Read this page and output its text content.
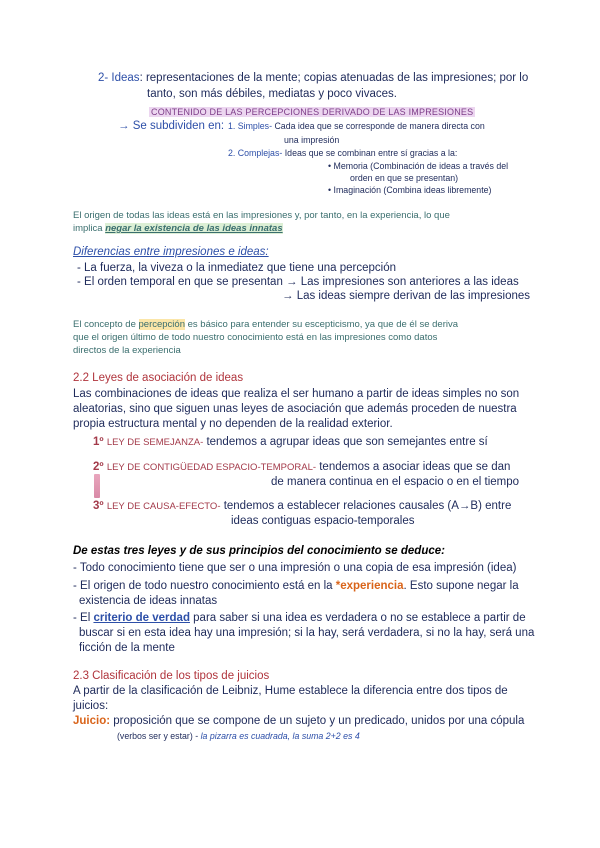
2- Ideas: representaciones de la mente; copias atenuadas de las impresiones; por lo
tanto, son más débiles, mediatas y poco vivaces.
CONTENIDO DE LAS PERCEPCIONES DERIVADO DE LAS IMPRESIONES
→ Se subdividen en: 1. Simples- Cada idea que se corresponde de manera directa con
una impresión
2. Complejas- Ideas que se combinan entre sí gracias a la:
• Memoria (Combinación de ideas a través del
orden en que se presentan)
• Imaginación (Combina ideas libremente)
El origen de todas las ideas está en las impresiones y, por tanto, en la experiencia, lo que
implica negar la existencia de las ideas innatas
Diferencias entre impresiones e ideas:
- La fuerza, la viveza o la inmediatez que tiene una percepción
- El orden temporal en que se presentan → Las impresiones son anteriores a las ideas
→ Las ideas siempre derivan de las impresiones
El concepto de percepción es básico para entender su escepticismo, ya que de él se deriva
que el origen último de todo nuestro conocimiento está en las impresiones como datos
directos de la experiencia
2.2 Leyes de asociación de ideas
Las combinaciones de ideas que realiza el ser humano a partir de ideas simples no son
aleatorias, sino que siguen unas leyes de asociación que además proceden de nuestra
propia estructura mental y no dependen de la realidad exterior.
1º LEY DE SEMEJANZA- tendemos a agrupar ideas que son semejantes entre sí
2º LEY DE CONTIGÜEDAD ESPACIO-TEMPORAL- tendemos a asociar ideas que se dan
de manera continua en el espacio o en el tiempo
3º LEY DE CAUSA-EFECTO- tendemos a establecer relaciones causales (A→B) entre
ideas contiguas espacio-temporales
De estas tres leyes y de sus principios del conocimiento se deduce:
- Todo conocimiento tiene que ser o una impresión o una copia de esa impresión (idea)
- El origen de todo nuestro conocimiento está en la *experiencia. Esto supone negar la
existencia de ideas innatas
- El criterio de verdad para saber si una idea es verdadera o no se establece a partir de
buscar si en esta idea hay una impresión; si la hay, será verdadera, si no la hay, será una
ficción de la mente
2.3 Clasificación de los tipos de juicios
A partir de la clasificación de Leibniz, Hume establece la diferencia entre dos tipos de
juicios:
Juicio: proposición que se compone de un sujeto y un predicado, unidos por una cópula
(verbos ser y estar) - la pizarra es cuadrada, la suma 2+2 es 4
